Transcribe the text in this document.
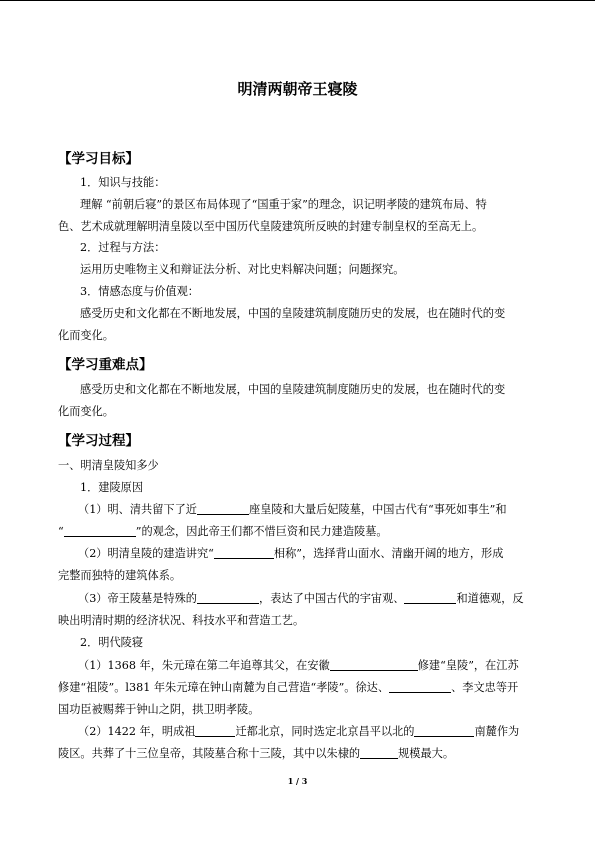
明清两朝帝王寝陵
【学习目标】
1．知识与技能：
理解 “前朝后寝”的景区布局体现了“国重于家”的理念，识记明孝陵的建筑布局、特
色、艺术成就理解明清皇陵以至中国历代皇陵建筑所反映的封建专制皇权的至高无上。
2．过程与方法：
运用历史唯物主义和辩证法分析、对比史料解决问题；问题探究。
3．情感态度与价值观：
感受历史和文化都在不断地发展，中国的皇陵建筑制度随历史的发展，也在随时代的变
化而变化。
【学习重难点】
感受历史和文化都在不断地发展，中国的皇陵建筑制度随历史的发展，也在随时代的变
化而变化。
【学习过程】
一、明清皇陵知多少
1．建陵原因
（1）明、清共留下了近	座皇陵和大量后妃陵墓，中国古代有“事死如事生”和
“	”的观念，因此帝王们都不惜巨资和民力建造陵墓。
（2）明清皇陵的建造讲究“	相称”，选择背山面水、清幽开阔的地方，形成
完整而独特的建筑体系。
（3）帝王陵墓是特殊的	，表达了中国古代的宇宙观、	和道德观，反
映出明清时期的经济状况、科技水平和营造工艺。
2．明代陵寝
（1）1368 年，朱元璋在第二年追尊其父，在安徽	修建“皇陵”，在江苏
修建“祖陵”。l381 年朱元璋在钟山南麓为自己营造“孝陵”。徐达、	、李文忠等开
国功臣被赐葬于钟山之阴，拱卫明孝陵。
（2）1422 年，明成祖	迁都北京，同时选定北京昌平以北的	南麓作为
陵区。共葬了十三位皇帝，其陵墓合称十三陵，其中以朱棣的	规模最大。
1 / 3
